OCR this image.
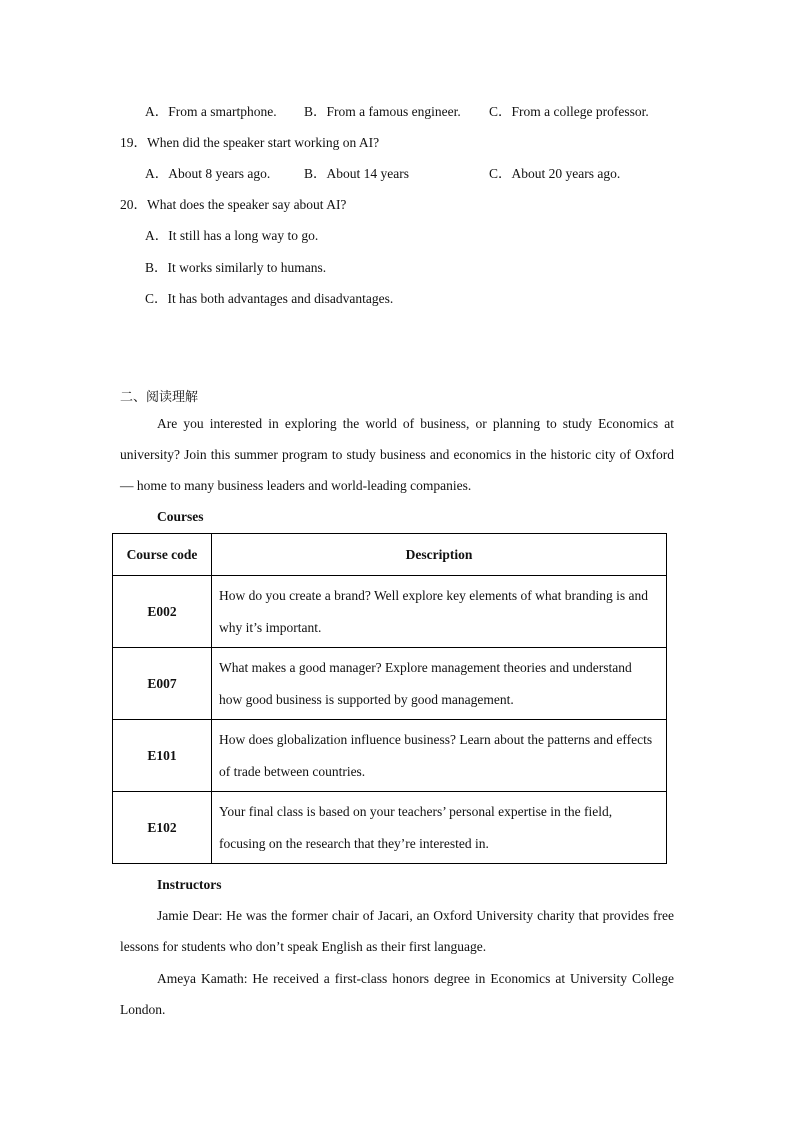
A．From a smartphone. B．From a famous engineer. C．From a college professor.
19．When did the speaker start working on AI?
A．About 8 years ago.	B．About 14 years	C．About 20 years ago.
20．What does the speaker say about AI?
A．It still has a long way to go.
B．It works similarly to humans.
C．It has both advantages and disadvantages.
二、阅读理解
Are you interested in exploring the world of business, or planning to study Economics at university? Join this summer program to study business and economics in the historic city of Oxford — home to many business leaders and world-leading companies.
Courses
Course code	Description
E002	How do you create a brand? Well explore key elements of what branding is and why it’s important.
E007	What makes a good manager? Explore management theories and understand how good business is supported by good management.
E101	How does globalization influence business? Learn about the patterns and effects of trade between countries.
E102	Your final class is based on your teachers’ personal expertise in the field, focusing on the research that they’re interested in.
Instructors
Jamie Dear: He was the former chair of Jacari, an Oxford University charity that provides free lessons for students who don’t speak English as their first language.
Ameya Kamath: He received a first-class honors degree in Economics at University College London.
